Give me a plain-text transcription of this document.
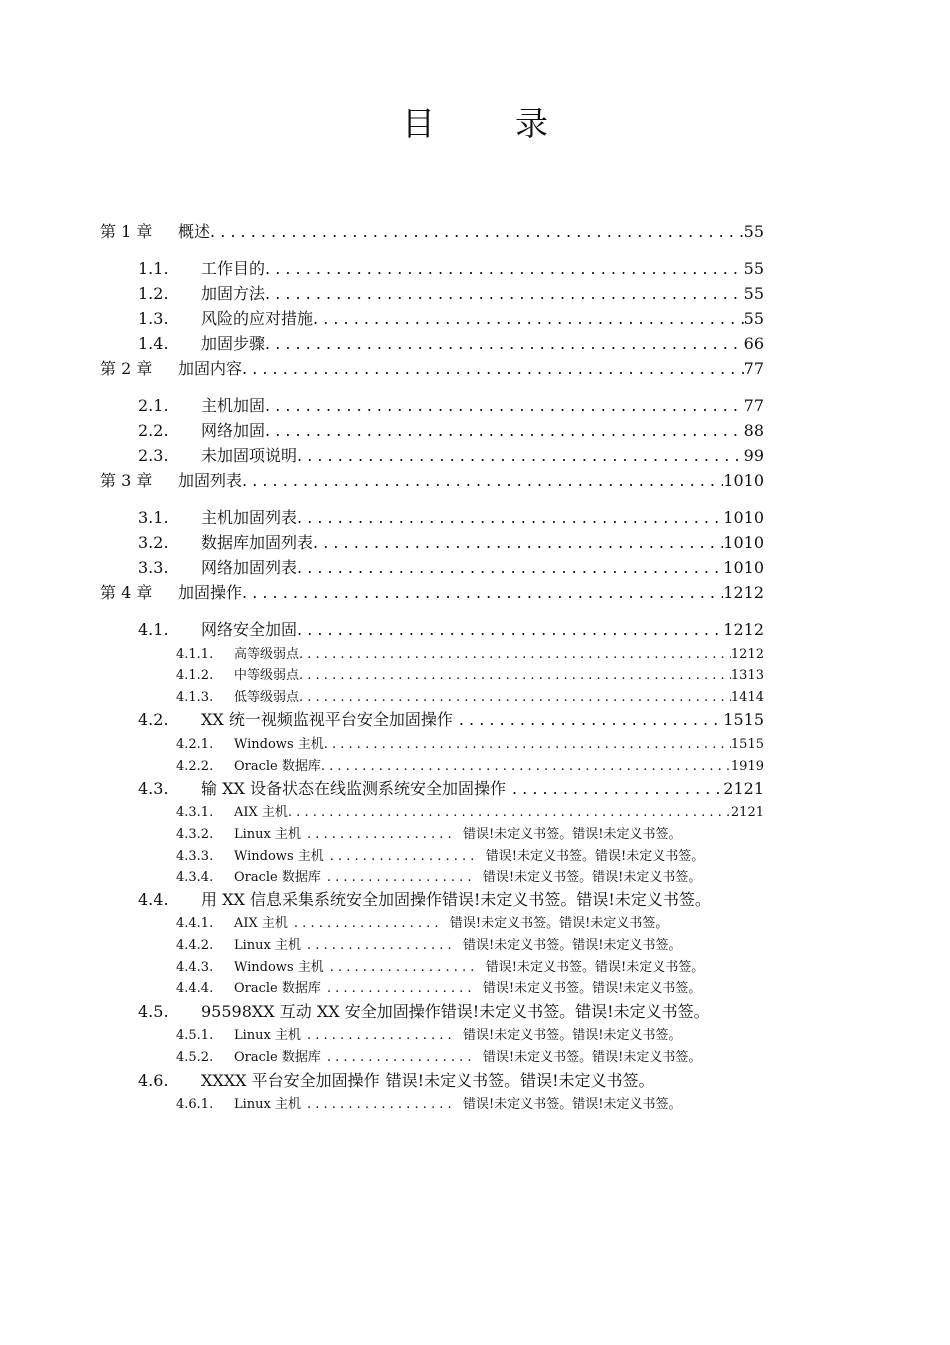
目 录
第 1 章	概述 . . .	55
1.1.	工作目的 . . .	55
1.2.	加固方法 . . .	55
1.3.	风险的应对措施 . . .	55
1.4.	加固步骤 . . .	66
第 2 章	加固内容 . . .	77
2.1.	主机加固 . . .	77
2.2.	网络加固 . . .	88
2.3.	未加固项说明 . . .	99
第 3 章	加固列表 . . .	1010
3.1.	主机加固列表 . . .	1010
3.2.	数据库加固列表 . . .	1010
3.3.	网络加固列表 . . .	1010
第 4 章	加固操作 . . .	1212
4.1.	网络安全加固 . . .	1212
4.1.1.	高等级弱点 . . .	1212
4.1.2.	中等级弱点 . . .	1313
4.1.3.	低等级弱点 . . .	1414
4.2.	XX 统一视频监视平台安全加固操作 . . .	1515
4.2.1.	Windows 主机 . . .	1515
4.2.2.	Oracle 数据库 . . .	1919
4.3.	输 XX 设备状态在线监测系统安全加固操作 . . .	2121
4.3.1.	AIX 主机 . . .	2121
4.3.2.	Linux 主机 . . .	错误!未定义书签。错误!未定义书签。
4.3.3.	Windows 主机 . . .	错误!未定义书签。错误!未定义书签。
4.3.4.	Oracle 数据库 . . .	错误!未定义书签。错误!未定义书签。
4.4.	用 XX 信息采集系统安全加固操作 错误!未定义书签。错误!未定义书签。
4.4.1.	AIX 主机 . . .	错误!未定义书签。错误!未定义书签。
4.4.2.	Linux 主机 . . .	错误!未定义书签。错误!未定义书签。
4.4.3.	Windows 主机 . . .	错误!未定义书签。错误!未定义书签。
4.4.4.	Oracle 数据库 . . .	错误!未定义书签。错误!未定义书签。
4.5.	95598XX 互动 XX 安全加固操作 错误!未定义书签。错误!未定义书签。
4.5.1.	Linux 主机 . . .	错误!未定义书签。错误!未定义书签。
4.5.2.	Oracle 数据库 . . .	错误!未定义书签。错误!未定义书签。
4.6.	XXXX 平台安全加固操作 错误!未定义书签。错误!未定义书签。
4.6.1.	Linux 主机 . . .	错误!未定义书签。错误!未定义书签。
